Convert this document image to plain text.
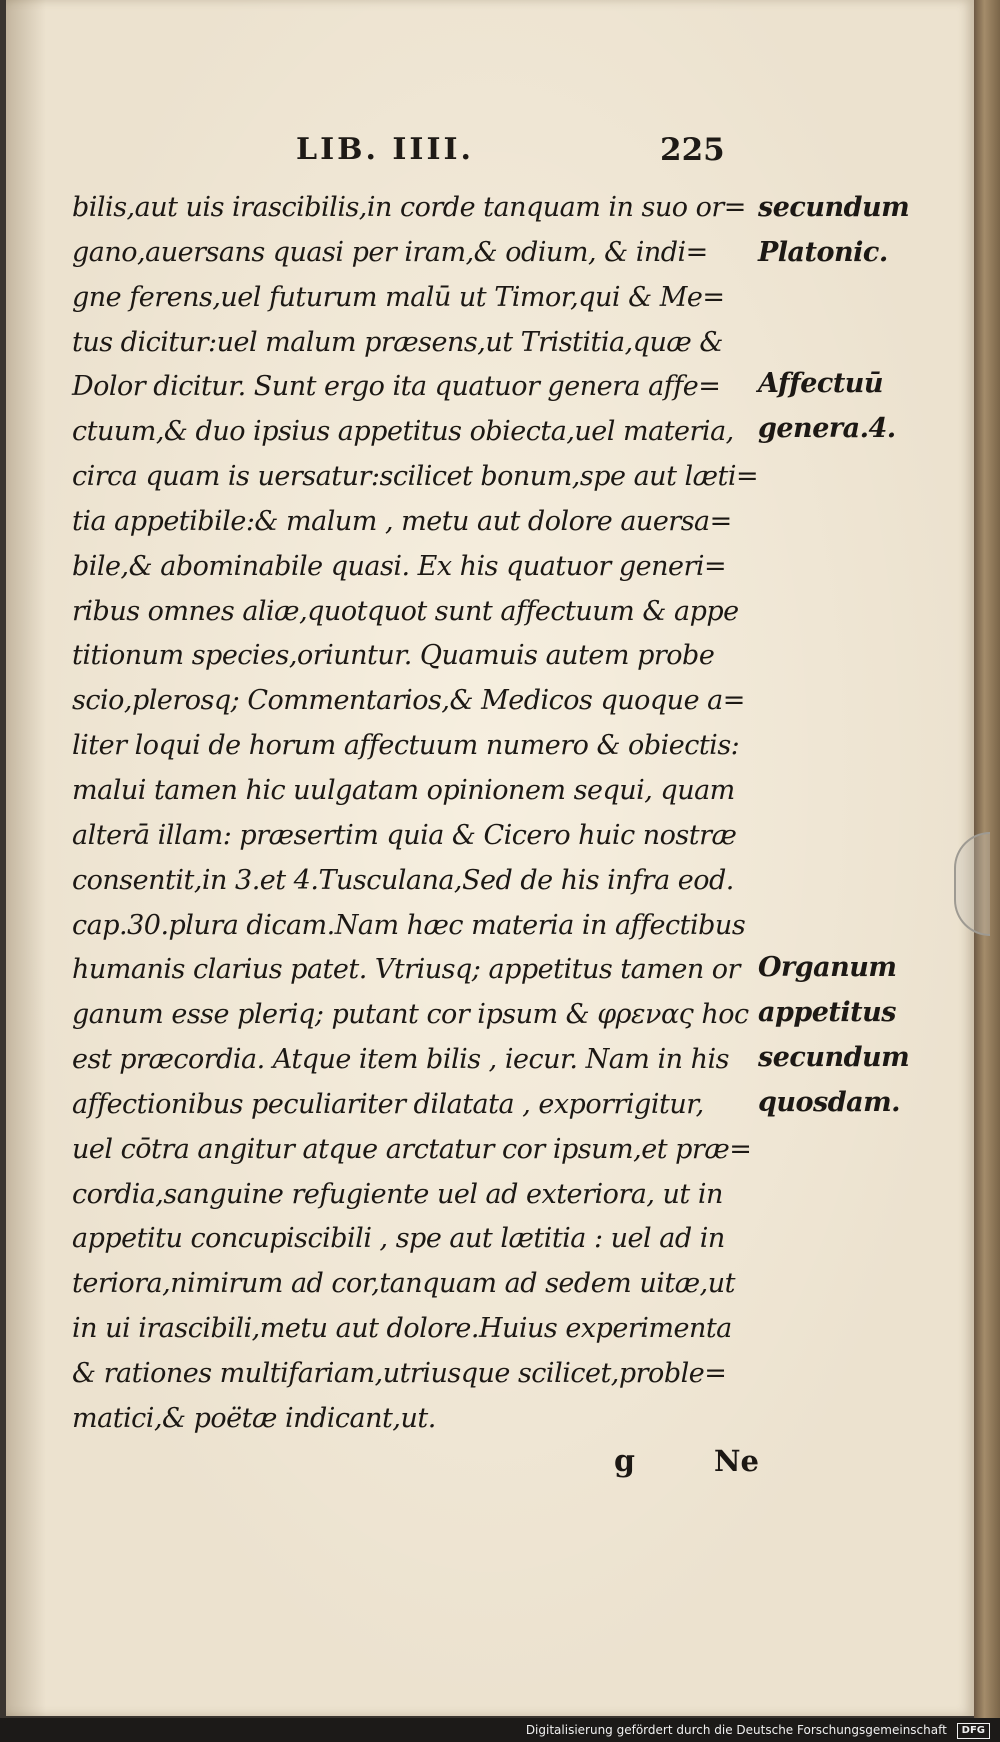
LIB. IIII.	225
bilis,aut uis irascibilis,in corde tanquam in suo or=
gano,auersans quasi per iram,& odium, & indi=
gne ferens,uel futurum malū ut Timor,qui & Me=
tus dicitur:uel malum præsens,ut Tristitia,quæ &
Dolor dicitur. Sunt ergo ita quatuor genera affe=
ctuum,& duo ipsius appetitus obiecta,uel materia,
circa quam is uersatur:scilicet bonum,spe aut læti=
tia appetibile:& malum , metu aut dolore auersa=
bile,& abominabile quasi. Ex his quatuor generi=
ribus omnes aliæ,quotquot sunt affectuum & appe
titionum species,oriuntur. Quamuis autem probe
scio,plerosq; Commentarios,& Medicos quoque a=
liter loqui de horum affectuum numero & obiectis:
malui tamen hic uulgatam opinionem sequi, quam
alterā illam: præsertim quia & Cicero huic nostræ
consentit,in 3.et 4.Tusculana,Sed de his infra eod.
cap.30.plura dicam.Nam hæc materia in affectibus
humanis clarius patet. Vtriusq; appetitus tamen or
ganum esse pleriq; putant cor ipsum & φρενας hoc
est præcordia. Atque item bilis , iecur. Nam in his
affectionibus peculiariter dilatata , exporrigitur,
uel cōtra angitur atque arctatur cor ipsum,et præ=
cordia,sanguine refugiente uel ad exteriora, ut in
appetitu concupiscibili , spe aut lætitia : uel ad in
teriora,nimirum ad cor,tanquam ad sedem uitæ,ut
in ui irascibili,metu aut dolore.Huius experimenta
& rationes multifariam,utriusque scilicet,proble=
matici,& poëtæ indicant,ut.
secundum
Platonic.
Affectuū
genera.4.
Organum
appetitus
secundum
quosdam.
g	Ne
Digitalisierung gefördert durch die Deutsche Forschungsgemeinschaft DFG
